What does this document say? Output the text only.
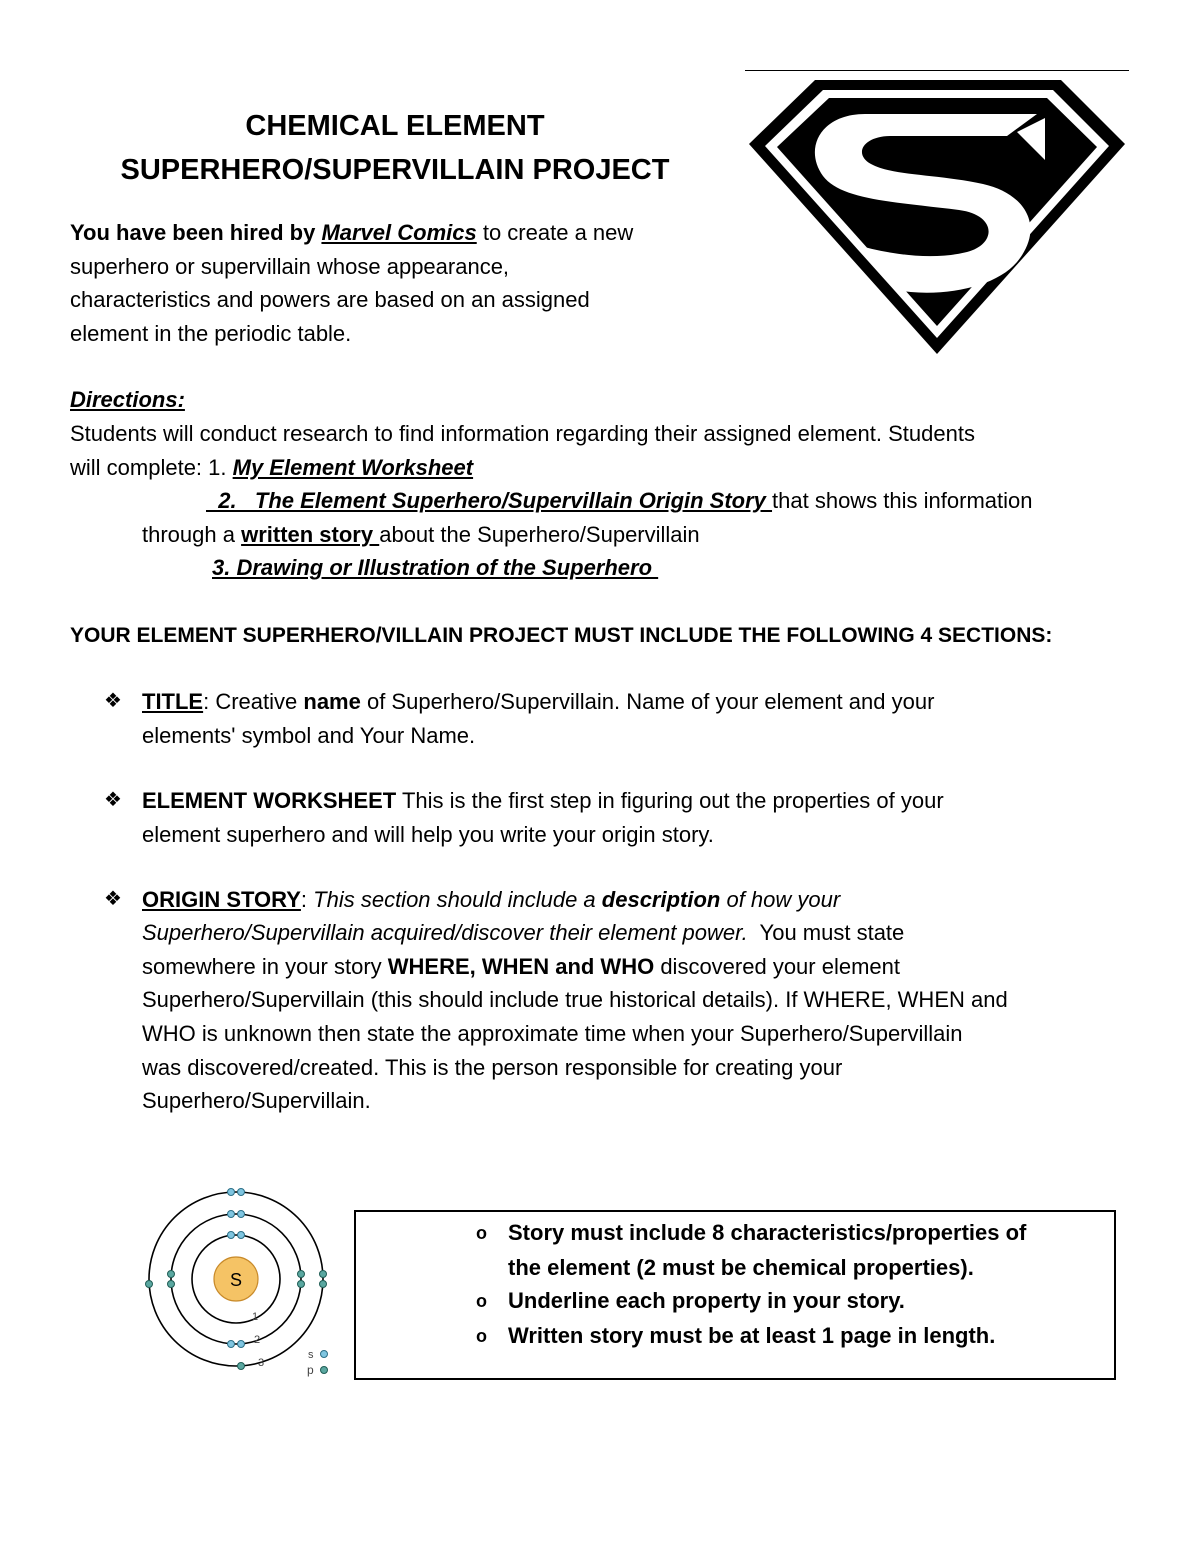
CHEMICAL ELEMENT
SUPERHERO/SUPERVILLAIN PROJECT
You have been hired by Marvel Comics to create a new
superhero or supervillain whose appearance,
characteristics and powers are based on an assigned
element in the periodic table.
Directions:
Students will conduct research to find information regarding their assigned element. Students
will complete: 1. My Element Worksheet
2.   The Element Superhero/Supervillain Origin Story that shows this information
through a written story about the Superhero/Supervillain
3. Drawing or Illustration of the Superhero
YOUR ELEMENT SUPERHERO/VILLAIN PROJECT MUST INCLUDE THE FOLLOWING 4 SECTIONS:
❖ TITLE: Creative name of Superhero/Supervillain. Name of your element and your
elements' symbol and Your Name.
❖ ELEMENT WORKSHEET This is the first step in figuring out the properties of your
element superhero and will help you write your origin story.
❖ ORIGIN STORY: This section should include a description of how your
Superhero/Supervillain acquired/discover their element power.  You must state
somewhere in your story WHERE, WHEN and WHO discovered your element
Superhero/Supervillain (this should include true historical details). If WHERE, WHEN and
WHO is unknown then state the approximate time when your Superhero/Supervillain
was discovered/created. This is the person responsible for creating your
Superhero/Supervillain.
S
1
2
3
s
p
o Story must include 8 characteristics/properties of
the element (2 must be chemical properties).
o Underline each property in your story.
o Written story must be at least 1 page in length.
